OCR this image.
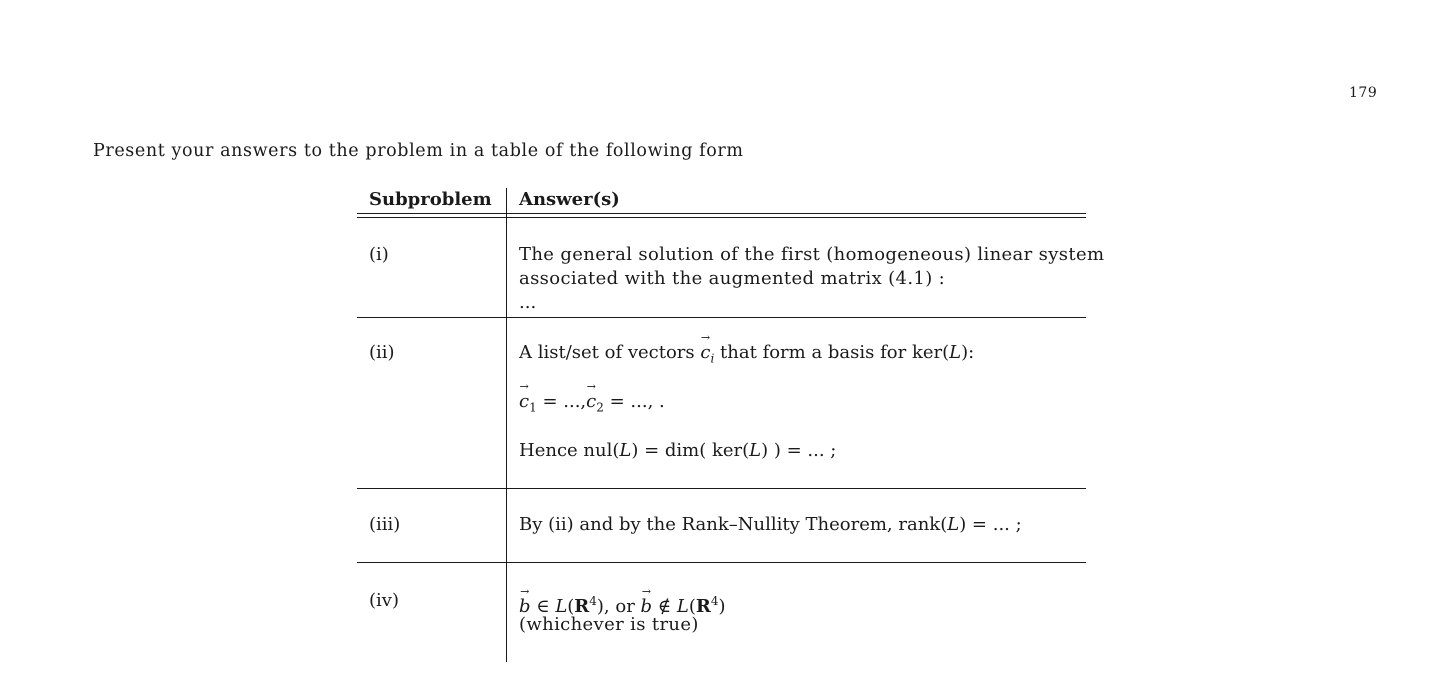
179
Present your answers to the problem in a table of the following form
Subproblem Answer(s)
(i)	The general solution of the first (homogeneous) linear system
associated with the augmented matrix (4.1) :
...
(ii)	A list/set of vectors → $c_i$ that form a basis for ker(L):
→ $c_1$ = ...,→ $c_2$ = ..., .
Hence nul(L) = dim( ker(L) ) = ... ;
(iii)	By (ii) and by the Rank–Nullity Theorem, rank(L) = ... ;
(iv)	→ b ∈ $L(R^4)$, or → b ∉ $L(R^4)$
(whichever is true)
